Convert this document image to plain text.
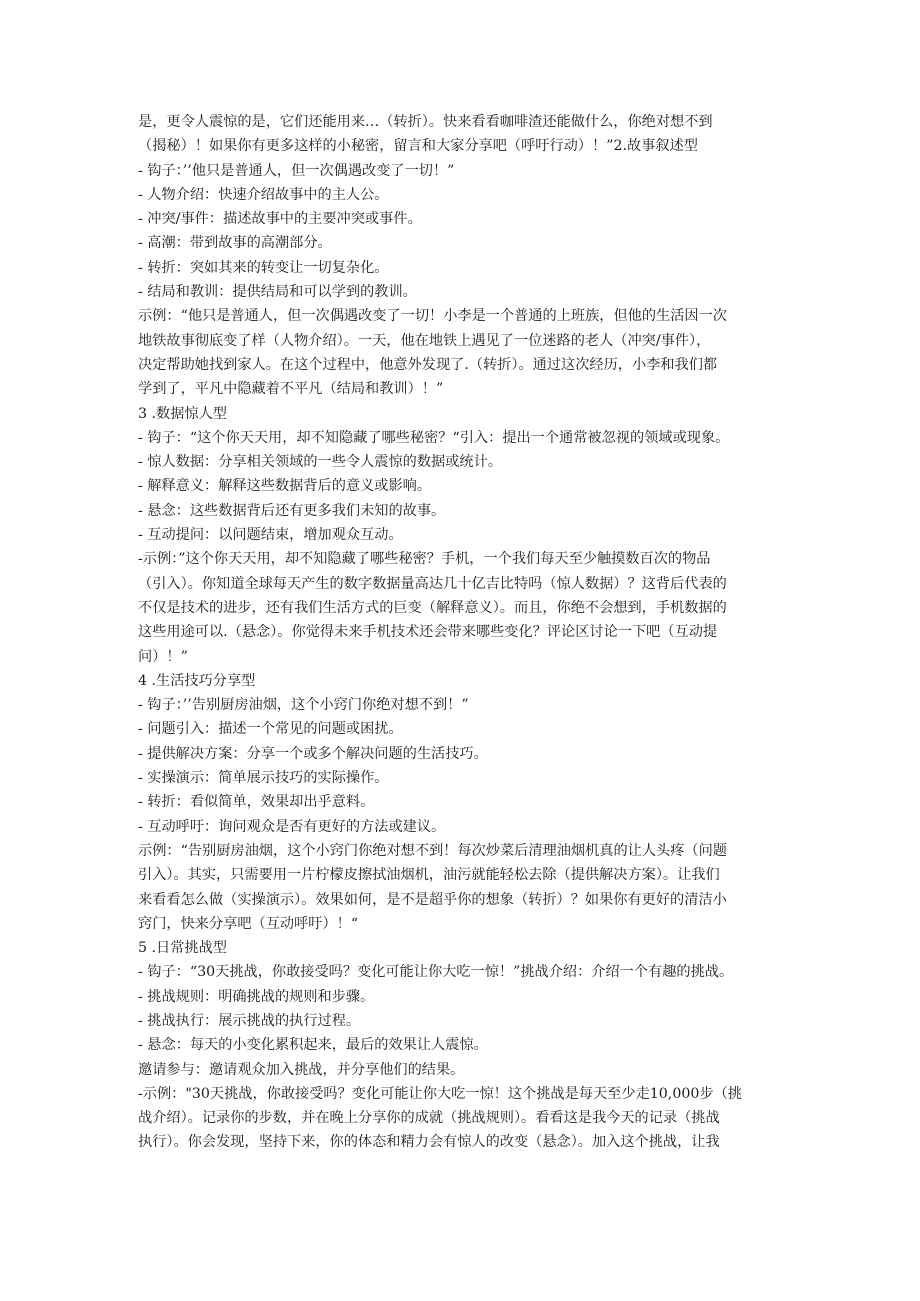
是，更令人震惊的是，它们还能用来…（转折）。快来看看咖啡渣还能做什么，你绝对想不到

（揭秘）！如果你有更多这样的小秘密，留言和大家分享吧（呼吁行动）！”2.故事叙述型

- 钩子：’’他只是普通人，但一次偶遇改变了一切！”

- 人物介绍：快速介绍故事中的主人公。

- 冲突/事件：描述故事中的主要冲突或事件。

- 高潮：带到故事的高潮部分。

- 转折：突如其来的转变让一切复杂化。

- 结局和教训：提供结局和可以学到的教训。

示例：“他只是普通人，但一次偶遇改变了一切！小李是一个普通的上班族，但他的生活因一次

地铁故事彻底变了样（人物介绍）。一天，他在地铁上遇见了一位迷路的老人（冲突/事件），

决定帮助她找到家人。在这个过程中，他意外发现了.（转折）。通过这次经历，小李和我们都

学到了，平凡中隐藏着不平凡（结局和教训）！”

3 .数据惊人型

- 钩子：“这个你天天用，却不知隐藏了哪些秘密？“引入：提出一个通常被忽视的领域或现象。

- 惊人数据：分享相关领域的一些令人震惊的数据或统计。

- 解释意义：解释这些数据背后的意义或影响。

- 悬念：这些数据背后还有更多我们未知的故事。

- 互动提问：以问题结束，增加观众互动。

-示例：”这个你天天用，却不知隐藏了哪些秘密？手机，一个我们每天至少触摸数百次的物品

（引入）。你知道全球每天产生的数字数据量高达几十亿吉比特吗（惊人数据）？这背后代表的

不仅是技术的进步，还有我们生活方式的巨变（解释意义）。而且，你绝不会想到，手机数据的

这些用途可以.（悬念）。你觉得未来手机技术还会带来哪些变化？评论区讨论一下吧（互动提

问）！”

4 .生活技巧分享型

- 钩子：’’告别厨房油烟，这个小窍门你绝对想不到！”

- 问题引入：描述一个常见的问题或困扰。

- 提供解决方案：分享一个或多个解决问题的生活技巧。

- 实操演示：简单展示技巧的实际操作。

- 转折：看似简单，效果却出乎意料。

- 互动呼吁：询问观众是否有更好的方法或建议。

示例：“告别厨房油烟，这个小窍门你绝对想不到！每次炒菜后清理油烟机真的让人头疼（问题

引入）。其实，只需要用一片柠檬皮擦拭油烟机，油污就能轻松去除（提供解决方案）。让我们

来看看怎么做（实操演示）。效果如何，是不是超乎你的想象（转折）？如果你有更好的清洁小

窍门，快来分享吧（互动呼吁）！“

5 .日常挑战型

- 钩子：“30天挑战，你敢接受吗？变化可能让你大吃一惊！”挑战介绍：介绍一个有趣的挑战。

- 挑战规则：明确挑战的规则和步骤。

- 挑战执行：展示挑战的执行过程。

- 悬念：每天的小变化累积起来，最后的效果让人震惊。

邀请参与：邀请观众加入挑战，并分享他们的结果。

-示例："30天挑战，你敢接受吗？变化可能让你大吃一惊！这个挑战是每天至少走10,000步（挑

战介绍）。记录你的步数，并在晚上分享你的成就（挑战规则）。看看这是我今天的记录（挑战

执行）。你会发现，坚持下来，你的体态和精力会有惊人的改变（悬念）。加入这个挑战，让我
